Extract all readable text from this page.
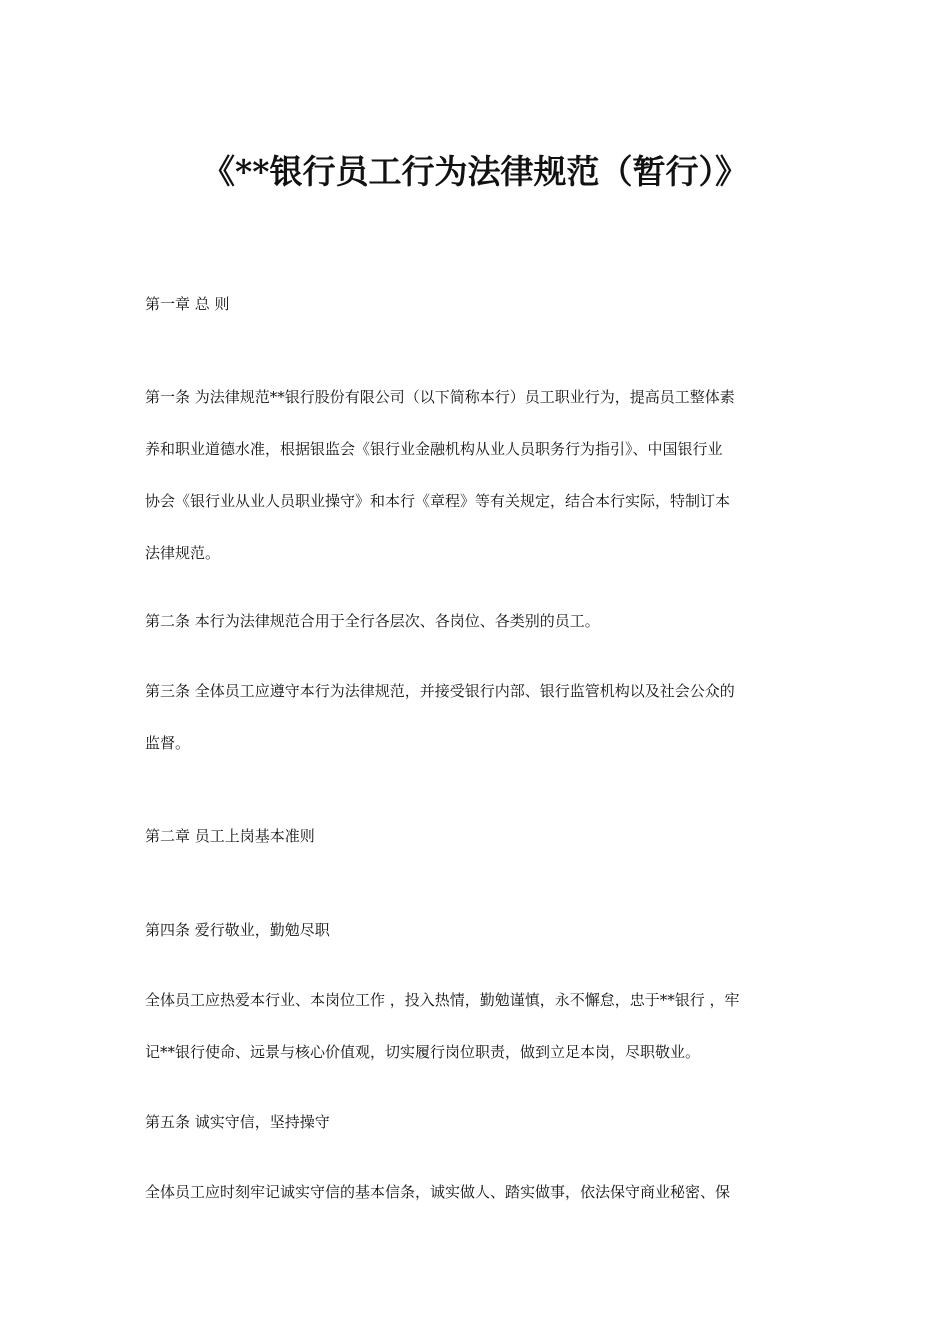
《**银行员工行为法律规范（暂行）》

第一章 总 则

第一条 为法律规范**银行股份有限公司（以下简称本行）员工职业行为，提高员工整体素

养和职业道德水准，根据银监会《银行业金融机构从业人员职务行为指引》、中国银行业

协会《银行业从业人员职业操守》和本行《章程》等有关规定，结合本行实际，特制订本

法律规范。

第二条 本行为法律规范合用于全行各层次、各岗位、各类别的员工。

第三条 全体员工应遵守本行为法律规范，并接受银行内部、银行监管机构以及社会公众的

监督。

第二章 员工上岗基本准则

第四条 爱行敬业，勤勉尽职

全体员工应热爱本行业、本岗位工作 ，投入热情，勤勉谨慎，永不懈怠，忠于**银行 ，牢

记**银行使命、远景与核心价值观，切实履行岗位职责，做到立足本岗，尽职敬业。

第五条 诚实守信，坚持操守

全体员工应时刻牢记诚实守信的基本信条，诚实做人、踏实做事，依法保守商业秘密、保
